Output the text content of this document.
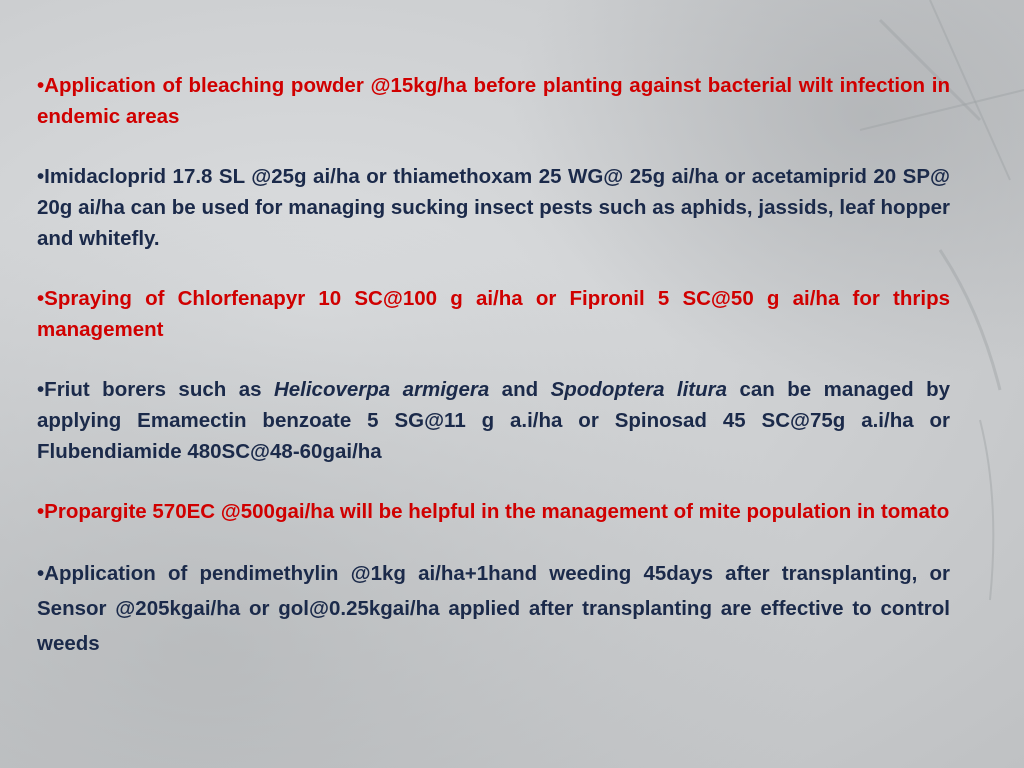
•Application of bleaching powder @15kg/ha before planting against bacterial wilt infection in endemic areas

•Imidacloprid 17.8 SL @25g ai/ha or thiamethoxam 25 WG@ 25g ai/ha or acetamiprid 20 SP@ 20g ai/ha can be used for managing sucking insect pests such as aphids, jassids, leaf hopper and whitefly.

•Spraying of Chlorfenapyr 10 SC@100 g ai/ha or Fipronil 5 SC@50 g ai/ha for thrips management

•Friut borers such as Helicoverpa armigera and Spodoptera litura can be managed by applying Emamectin benzoate 5 SG@11 g a.i/ha or Spinosad 45 SC@75g a.i/ha or Flubendiamide 480SC@48-60gai/ha

•Propargite 570EC @500gai/ha will be helpful in the management of mite population in tomato

•Application of pendimethylin @1kg ai/ha+1hand weeding 45days after transplanting, or Sensor @205kgai/ha or gol@0.25kgai/ha applied after transplanting are effective to control weeds
